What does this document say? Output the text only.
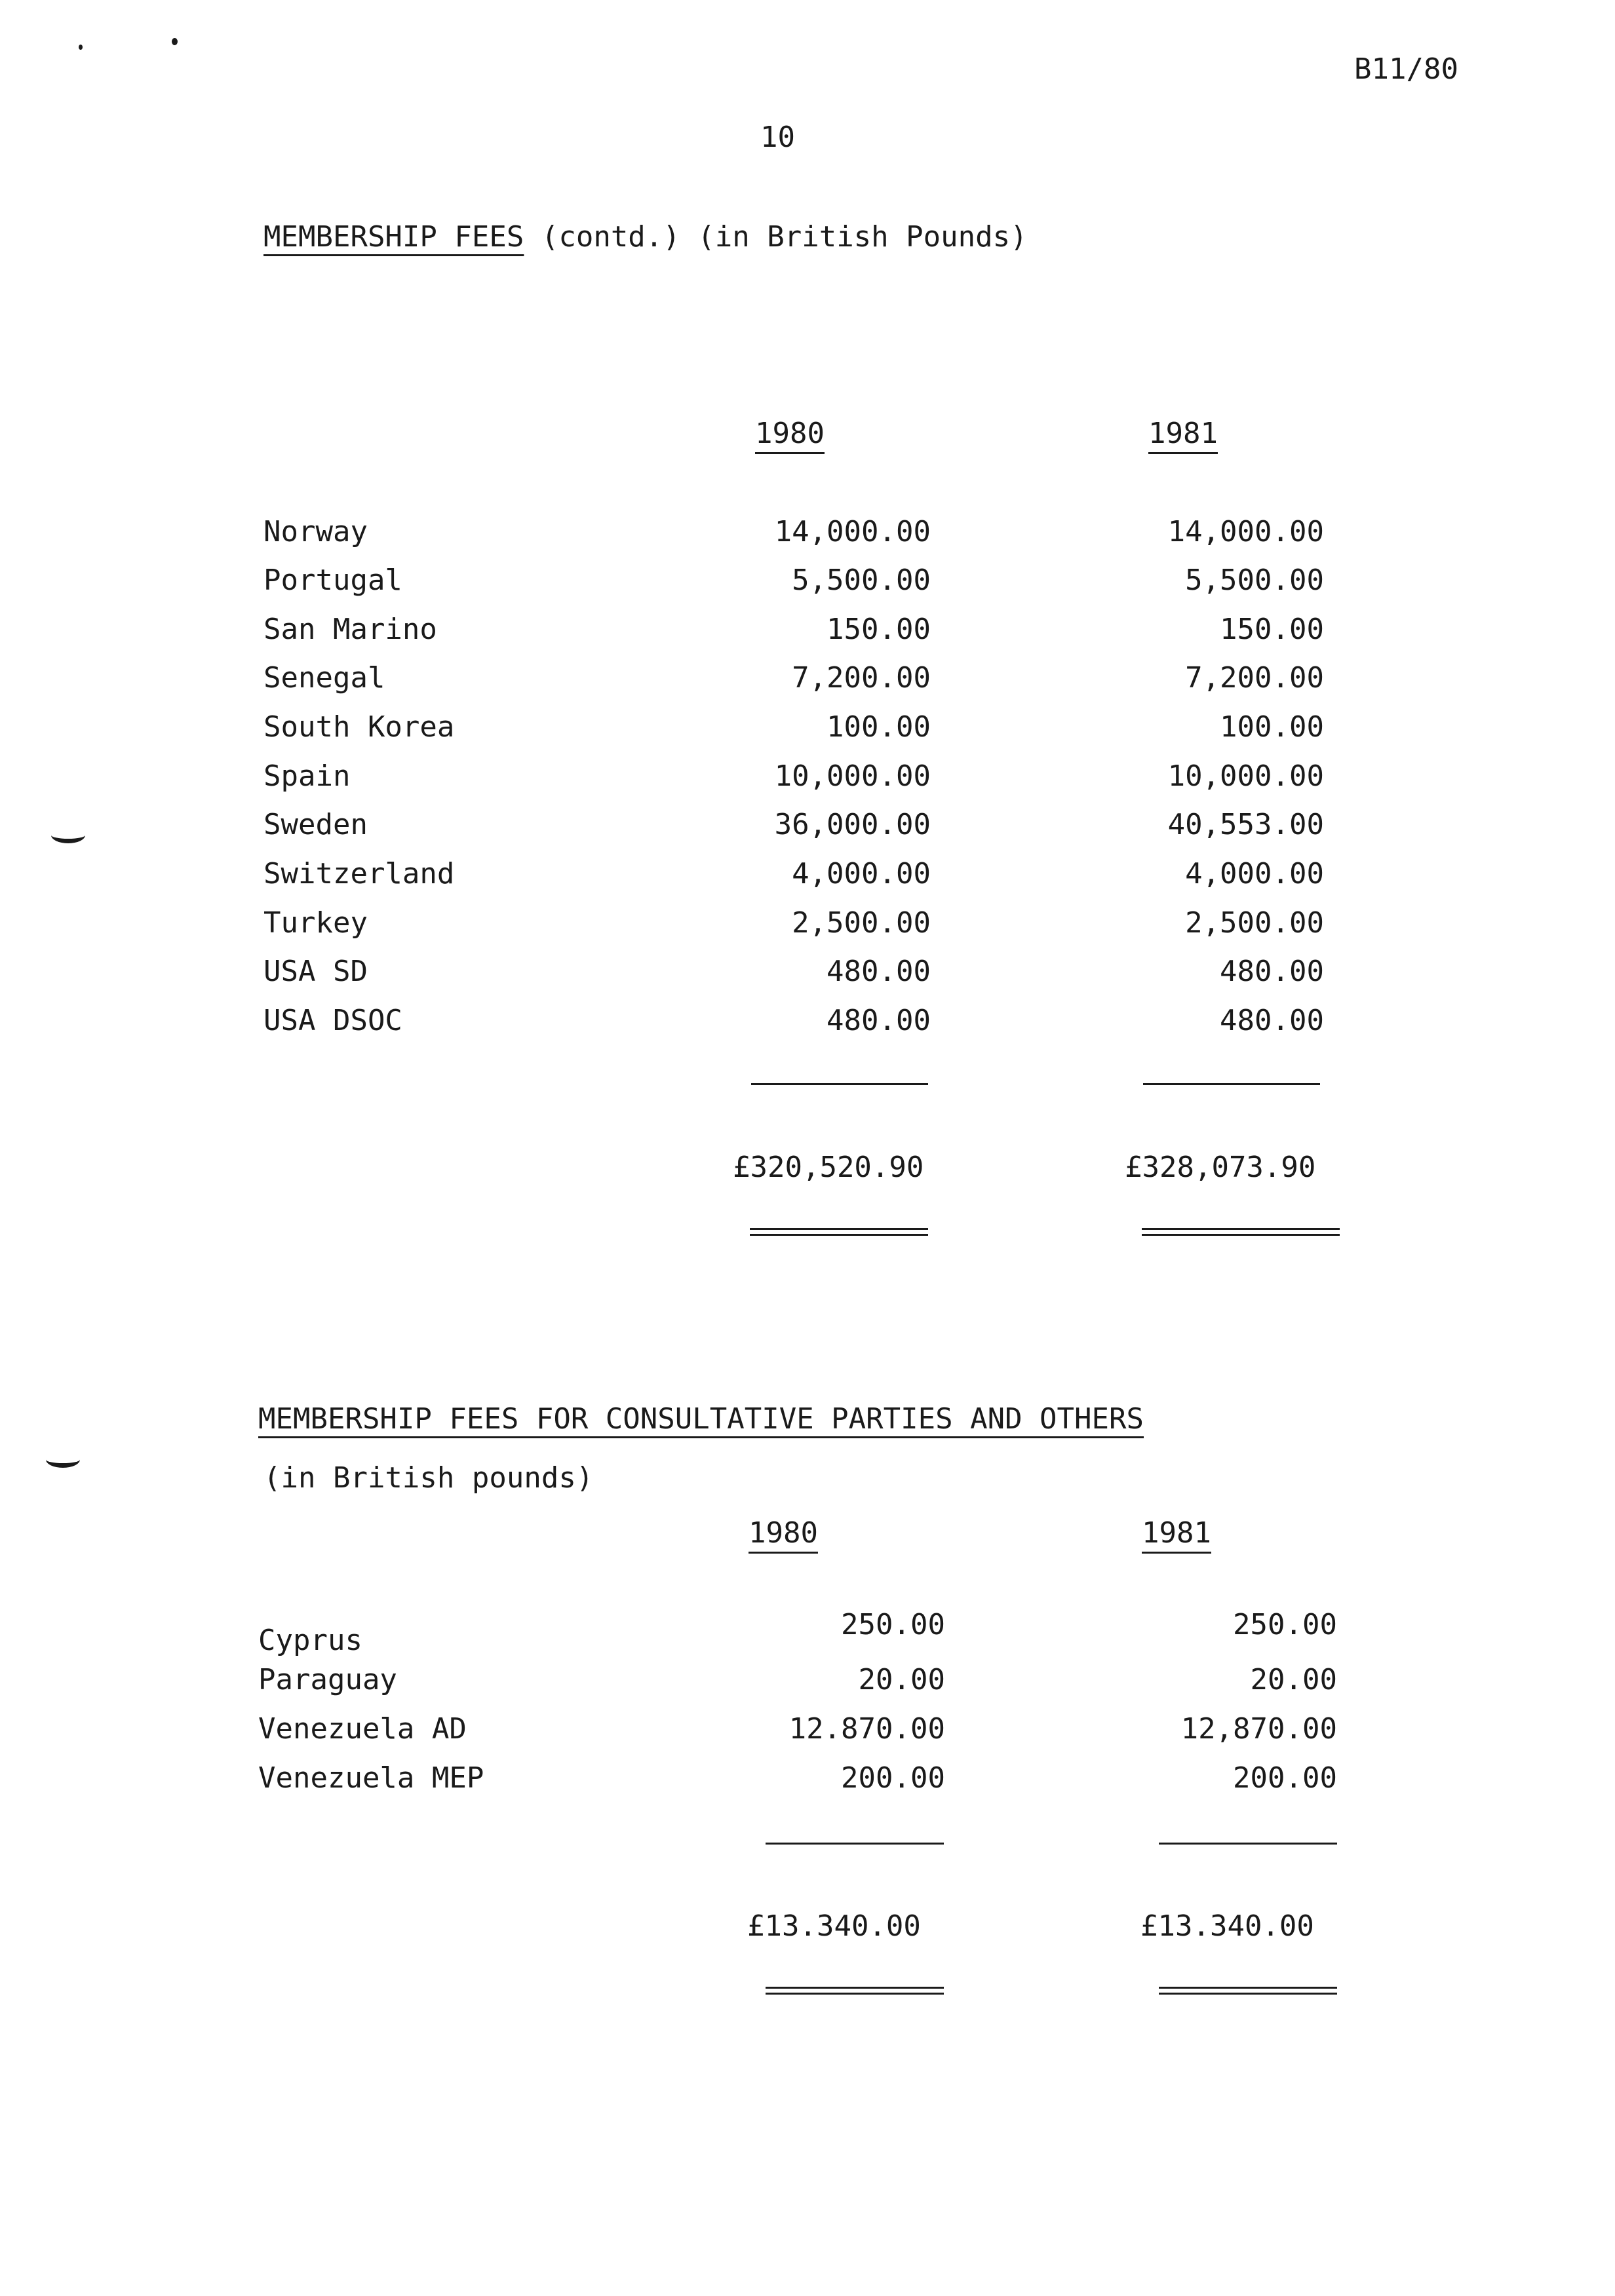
B11/80
10
MEMBERSHIP FEES (contd.) (in British Pounds)
1980	1981
Norway	14,000.00	14,000.00
Portugal	5,500.00	5,500.00
San Marino	150.00	150.00
Senegal	7,200.00	7,200.00
South Korea	100.00	100.00
Spain	10,000.00	10,000.00
Sweden	36,000.00	40,553.00
Switzerland	4,000.00	4,000.00
Turkey	2,500.00	2,500.00
USA SD	480.00	480.00
USA DSOC	480.00	480.00
£320,520.90	£328,073.90
MEMBERSHIP FEES FOR CONSULTATIVE PARTIES AND OTHERS
(in British pounds)
1980	1981
Cyprus	250.00	250.00
Paraguay	20.00	20.00
Venezuela AD	12.870.00	12,870.00
Venezuela MEP	200.00	200.00
£13.340.00	£13.340.00
